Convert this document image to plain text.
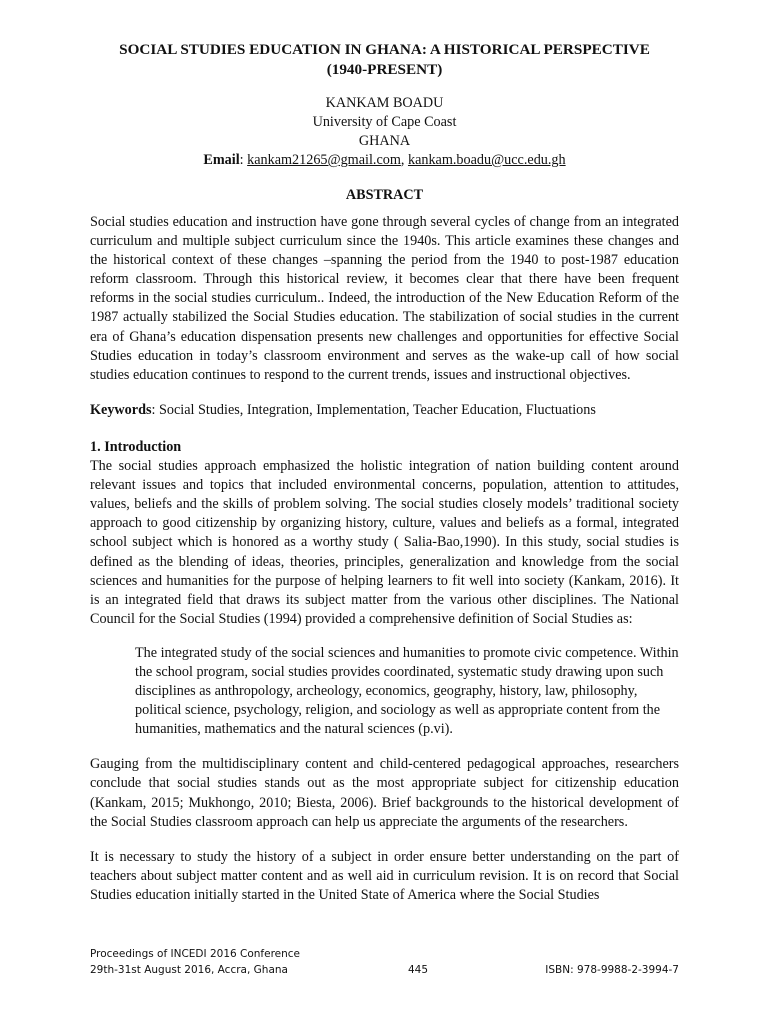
SOCIAL STUDIES EDUCATION IN GHANA: A HISTORICAL PERSPECTIVE
(1940-PRESENT)
KANKAM BOADU
University of Cape Coast
GHANA
Email: kankam21265@gmail.com, kankam.boadu@ucc.edu.gh
ABSTRACT

Social studies education and instruction have gone through several cycles of change from an integrated curriculum and multiple subject curriculum since the 1940s. This article examines these changes and the historical context of these changes –spanning the period from the 1940 to post-1987 education reform classroom. Through this historical review, it becomes clear that there have been frequent reforms in the social studies curriculum.. Indeed, the introduction of the New Education Reform of the 1987 actually stabilized the Social Studies education. The stabilization of social studies in the current era of Ghana’s education dispensation presents new challenges and opportunities for effective Social Studies education in today’s classroom environment and serves as the wake-up call of how social studies education continues to respond to the current trends, issues and instructional objectives.

Keywords: Social Studies, Integration, Implementation, Teacher Education, Fluctuations

1. Introduction

The social studies approach emphasized the holistic integration of nation building content around relevant issues and topics that included environmental concerns, population, attention to attitudes, values, beliefs and the skills of problem solving. The social studies closely models’ traditional society approach to good citizenship by organizing history, culture, values and beliefs as a formal, integrated school subject which is honored as a worthy study ( Salia-Bao,1990). In this study, social studies is defined as the blending of ideas, theories, principles, generalization and knowledge from the social sciences and humanities for the purpose of helping learners to fit well into society (Kankam, 2016). It is an integrated field that draws its subject matter from the various other disciplines. The National Council for the Social Studies (1994) provided a comprehensive definition of Social Studies as:

The integrated study of the social sciences and humanities to promote civic competence. Within the school program, social studies provides coordinated, systematic study drawing upon such disciplines as anthropology, archeology, economics, geography, history, law, philosophy, political science, psychology, religion, and sociology as well as appropriate content from the humanities, mathematics and the natural sciences (p.vi).

Gauging from the multidisciplinary content and child-centered pedagogical approaches, researchers conclude that social studies stands out as the most appropriate subject for citizenship education (Kankam, 2015; Mukhongo, 2010; Biesta, 2006). Brief backgrounds to the historical development of the Social Studies classroom approach can help us appreciate the arguments of the researchers.

It is necessary to study the history of a subject in order ensure better understanding on the part of teachers about subject matter content and as well aid in curriculum revision. It is on record that Social Studies education initially started in the United State of America where the Social Studies

Proceedings of INCEDI 2016 Conference
29th-31st August 2016, Accra, Ghana	445	ISBN: 978-9988-2-3994-7
